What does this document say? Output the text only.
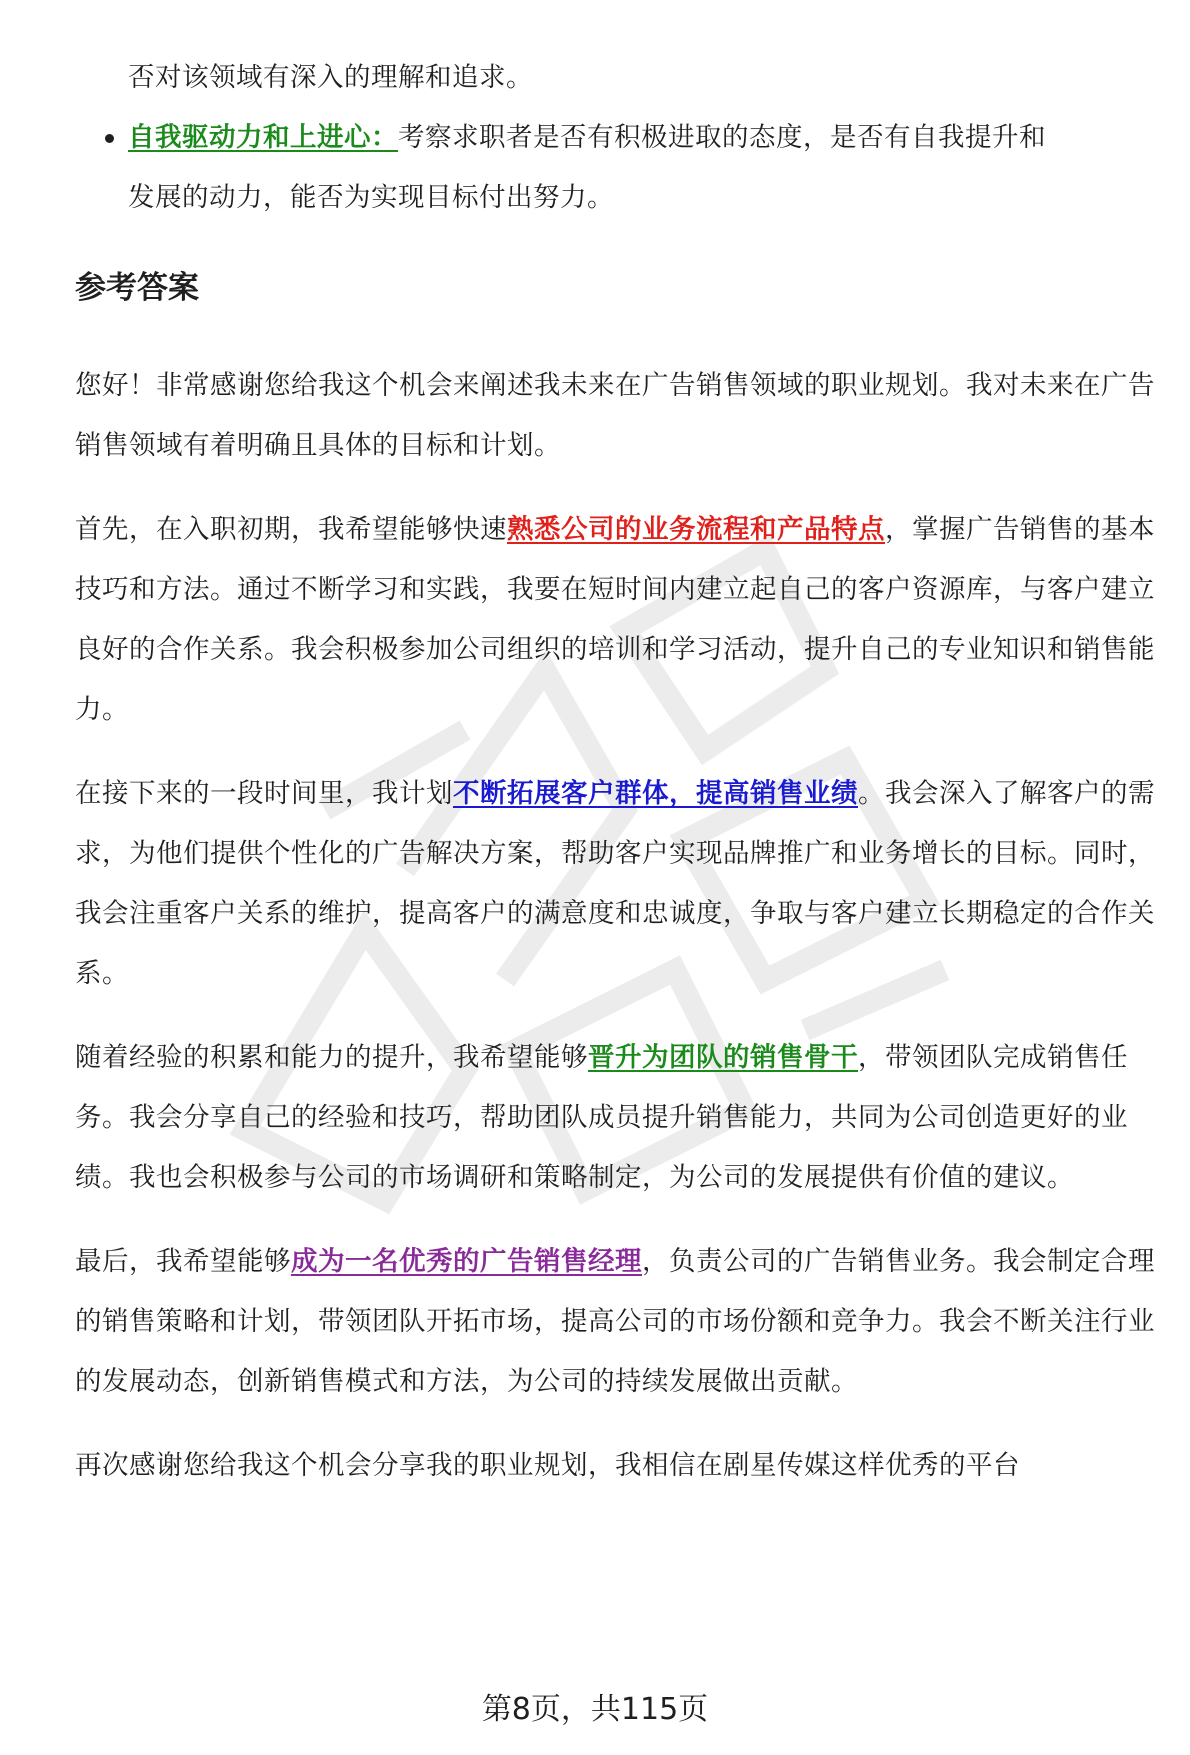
否对该领域有深入的理解和追求。

自我驱动力和上进心：考察求职者是否有积极进取的态度，是否有自我提升和
发展的动力，能否为实现目标付出努力。

参考答案

您好！非常感谢您给我这个机会来阐述我未来在广告销售领域的职业规划。我对未来在广告销售领域有着明确且具体的目标和计划。

首先，在入职初期，我希望能够快速熟悉公司的业务流程和产品特点，掌握广告销售的基本技巧和方法。通过不断学习和实践，我要在短时间内建立起自己的客户资源库，与客户建立良好的合作关系。我会积极参加公司组织的培训和学习活动，提升自己的专业知识和销售能力。

在接下来的一段时间里，我计划不断拓展客户群体，提高销售业绩。我会深入了解客户的需求，为他们提供个性化的广告解决方案，帮助客户实现品牌推广和业务增长的目标。同时，我会注重客户关系的维护，提高客户的满意度和忠诚度，争取与客户建立长期稳定的合作关系。

随着经验的积累和能力的提升，我希望能够晋升为团队的销售骨干，带领团队完成销售任务。我会分享自己的经验和技巧，帮助团队成员提升销售能力，共同为公司创造更好的业绩。我也会积极参与公司的市场调研和策略制定，为公司的发展提供有价值的建议。

最后，我希望能够成为一名优秀的广告销售经理，负责公司的广告销售业务。我会制定合理的销售策略和计划，带领团队开拓市场，提高公司的市场份额和竞争力。我会不断关注行业的发展动态，创新销售模式和方法，为公司的持续发展做出贡献。

再次感谢您给我这个机会分享我的职业规划，我相信在剧星传媒这样优秀的平台

第8页，共115页
